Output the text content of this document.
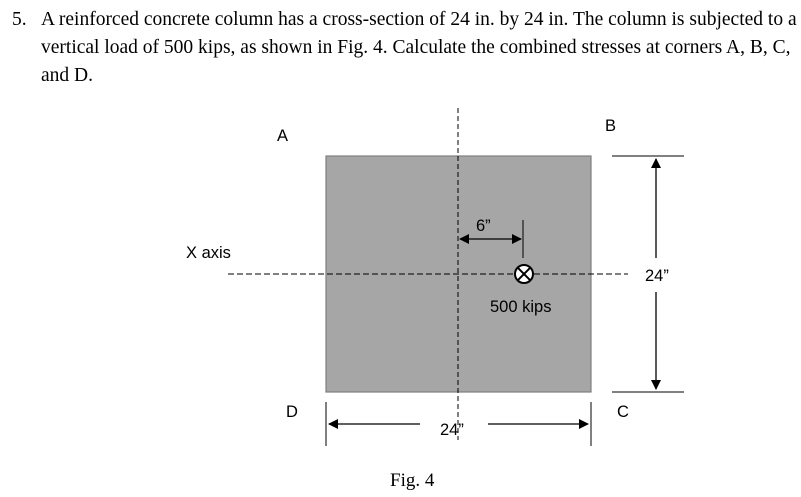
5. A reinforced concrete column has a cross-section of 24 in. by 24 in. The column is subjected to a vertical load of 500 kips, as shown in Fig. 4. Calculate the combined stresses at corners A, B, C, and D.
6”
500 kips
A
B
C
D
X axis
24”
24”
Fig. 4
